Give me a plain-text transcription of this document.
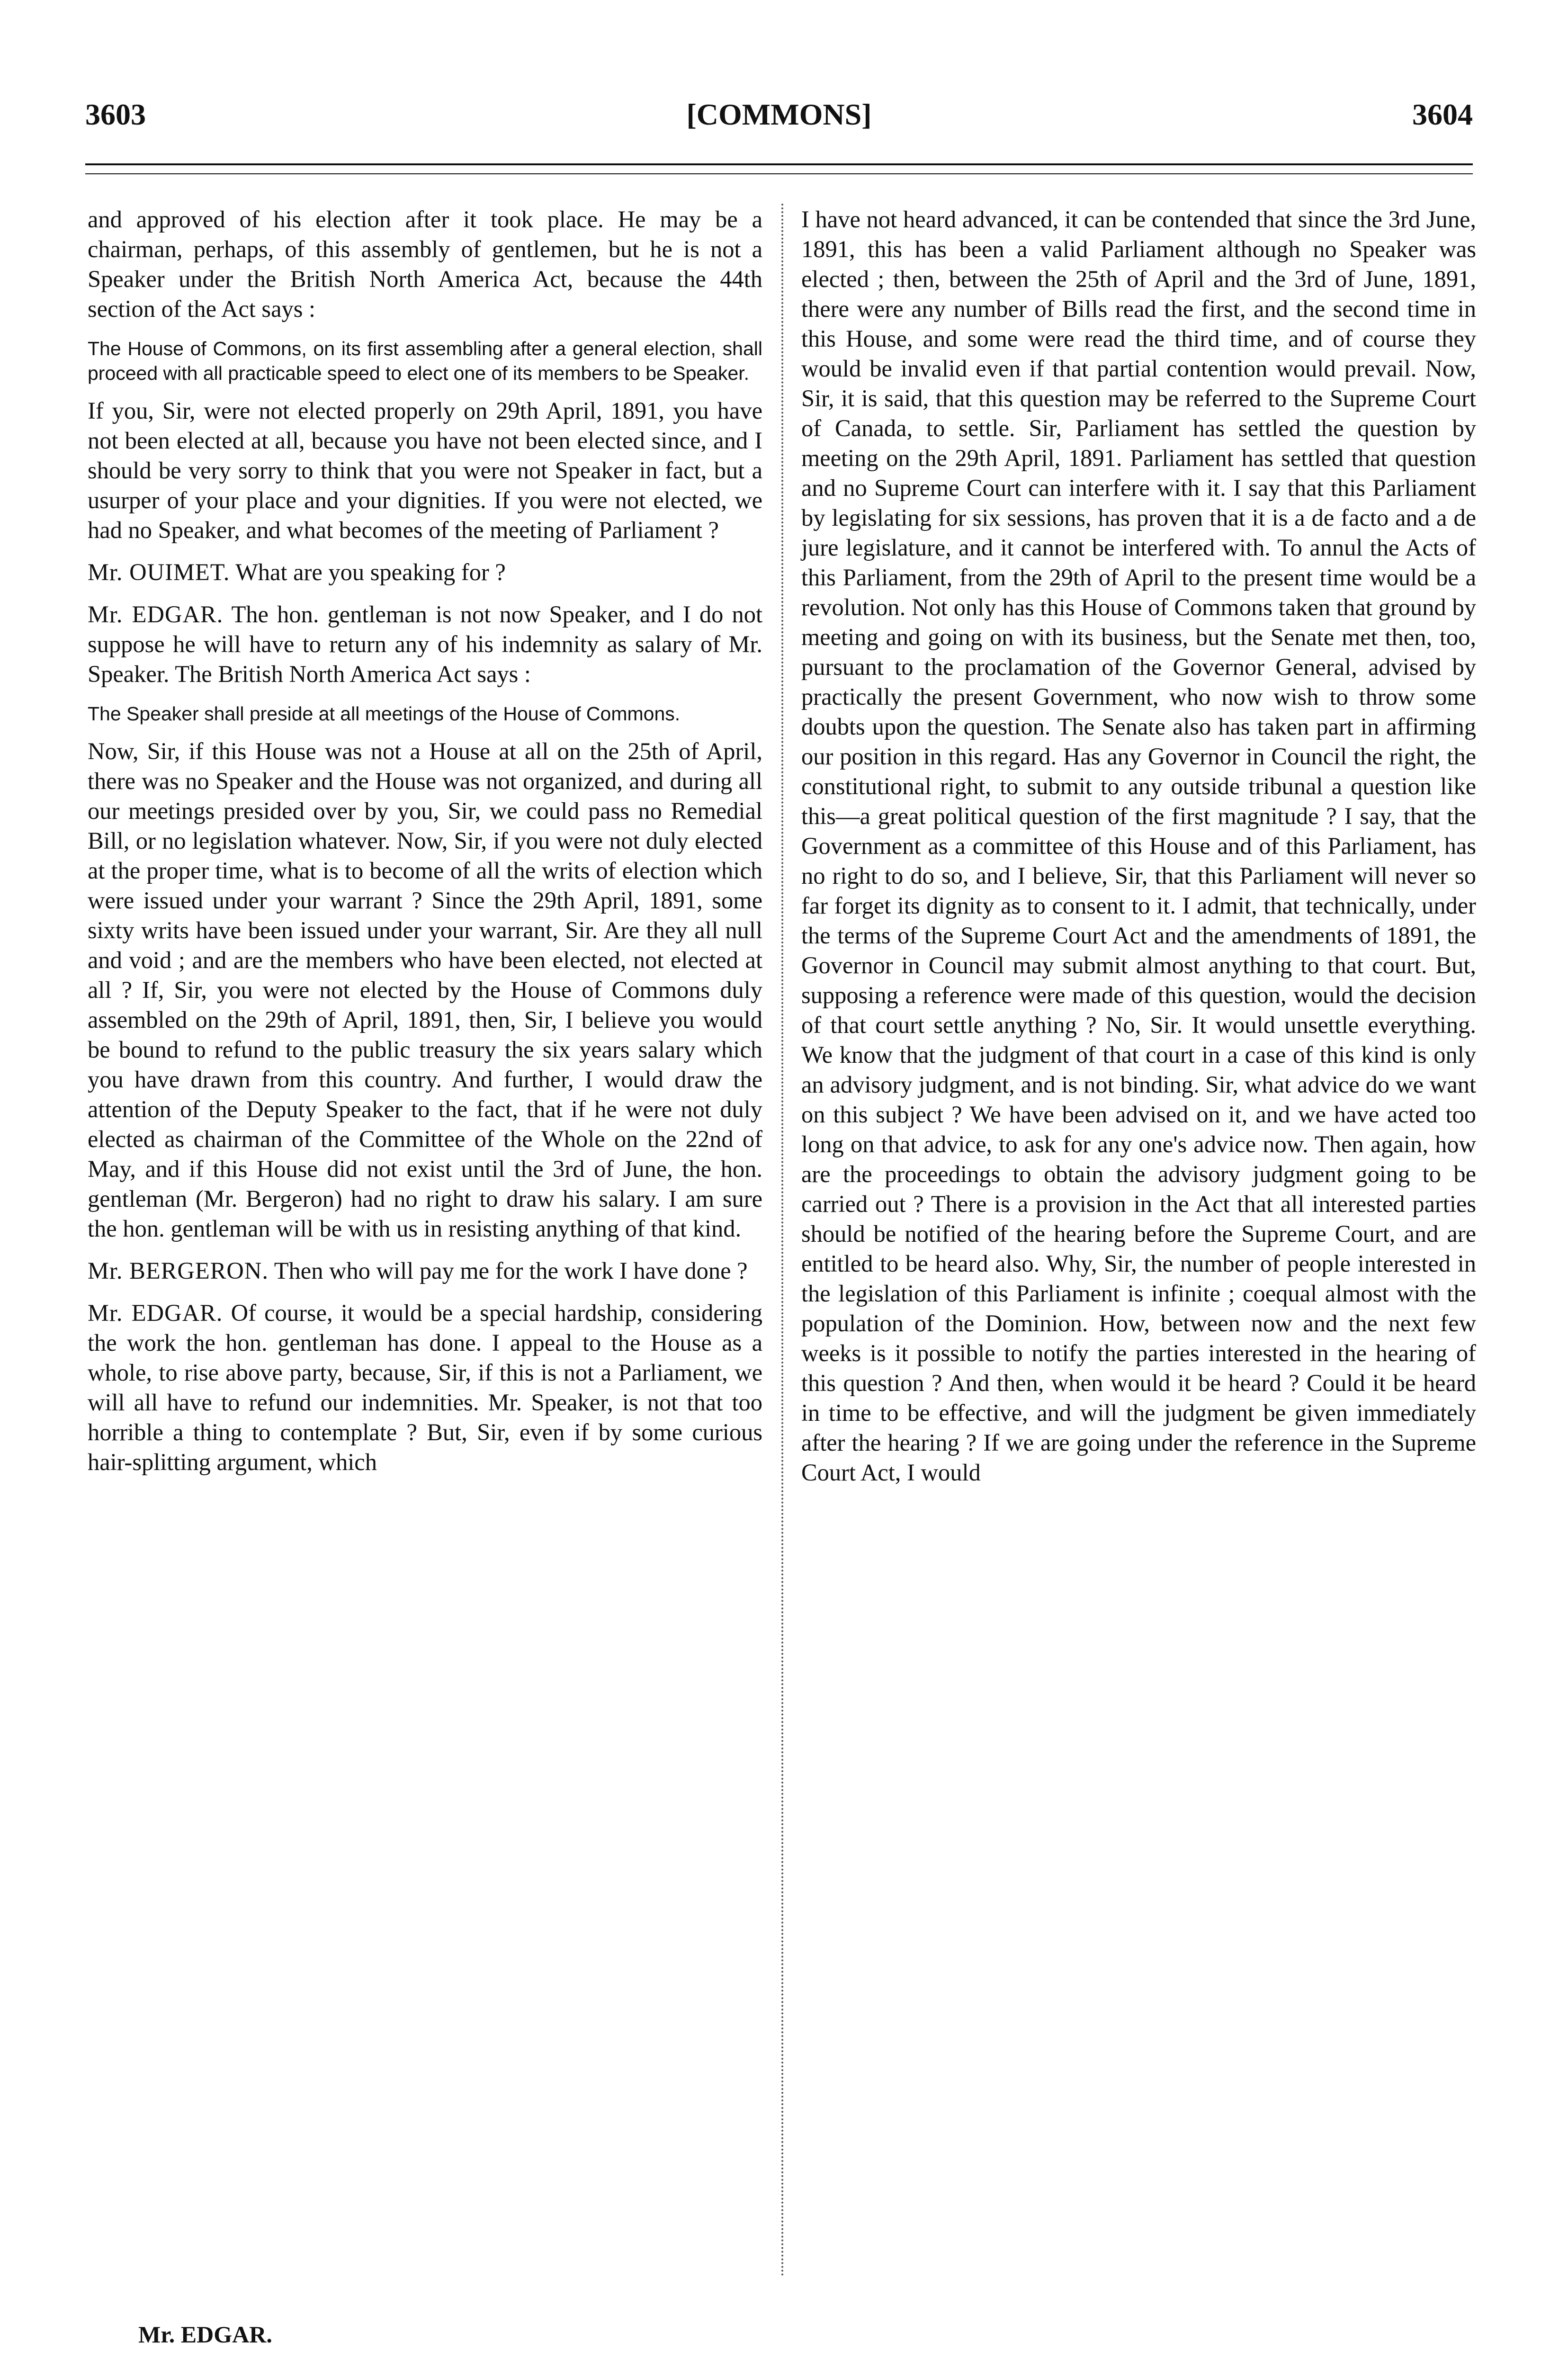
3603	[COMMONS]	3604

and approved of his election after it took place. He may be a chairman, perhaps, of this assembly of gentlemen, but he is not a Speaker under the British North America Act, because the 44th section of the Act says :

The House of Commons, on its first assembling after a general election, shall proceed with all practicable speed to elect one of its members to be Speaker.

If you, Sir, were not elected properly on 29th April, 1891, you have not been elected at all, because you have not been elected since, and I should be very sorry to think that you were not Speaker in fact, but a usurper of your place and your dignities. If you were not elected, we had no Speaker, and what becomes of the meeting of Parliament ?

Mr. OUIMET. What are you speaking for ?

Mr. EDGAR. The hon. gentleman is not now Speaker, and I do not suppose he will have to return any of his indemnity as salary of Mr. Speaker. The British North America Act says :

The Speaker shall preside at all meetings of the House of Commons.

Now, Sir, if this House was not a House at all on the 25th of April, there was no Speaker and the House was not organized, and during all our meetings presided over by you, Sir, we could pass no Remedial Bill, or no legislation whatever. Now, Sir, if you were not duly elected at the proper time, what is to become of all the writs of election which were issued under your warrant ? Since the 29th April, 1891, some sixty writs have been issued under your warrant, Sir. Are they all null and void ; and are the members who have been elected, not elected at all ? If, Sir, you were not elected by the House of Commons duly assembled on the 29th of April, 1891, then, Sir, I believe you would be bound to refund to the public treasury the six years salary which you have drawn from this country. And further, I would draw the attention of the Deputy Speaker to the fact, that if he were not duly elected as chairman of the Committee of the Whole on the 22nd of May, and if this House did not exist until the 3rd of June, the hon. gentleman (Mr. Bergeron) had no right to draw his salary. I am sure the hon. gentleman will be with us in resisting anything of that kind.

Mr. BERGERON. Then who will pay me for the work I have done ?

Mr. EDGAR. Of course, it would be a special hardship, considering the work the hon. gentleman has done. I appeal to the House as a whole, to rise above party, because, Sir, if this is not a Parliament, we will all have to refund our indemnities. Mr. Speaker, is not that too horrible a thing to contemplate ? But, Sir, even if by some curious hair-splitting argument, which

I have not heard advanced, it can be contended that since the 3rd June, 1891, this has been a valid Parliament although no Speaker was elected ; then, between the 25th of April and the 3rd of June, 1891, there were any number of Bills read the first, and the second time in this House, and some were read the third time, and of course they would be invalid even if that partial contention would prevail. Now, Sir, it is said, that this question may be referred to the Supreme Court of Canada, to settle. Sir, Parliament has settled the question by meeting on the 29th April, 1891. Parliament has settled that question and no Supreme Court can interfere with it. I say that this Parliament by legislating for six sessions, has proven that it is a de facto and a de jure legislature, and it cannot be interfered with. To annul the Acts of this Parliament, from the 29th of April to the present time would be a revolution. Not only has this House of Commons taken that ground by meeting and going on with its business, but the Senate met then, too, pursuant to the proclamation of the Governor General, advised by practically the present Government, who now wish to throw some doubts upon the question. The Senate also has taken part in affirming our position in this regard. Has any Governor in Council the right, the constitutional right, to submit to any outside tribunal a question like this—a great political question of the first magnitude ? I say, that the Government as a committee of this House and of this Parliament, has no right to do so, and I believe, Sir, that this Parliament will never so far forget its dignity as to consent to it. I admit, that technically, under the terms of the Supreme Court Act and the amendments of 1891, the Governor in Council may submit almost anything to that court. But, supposing a reference were made of this question, would the decision of that court settle anything ? No, Sir. It would unsettle everything. We know that the judgment of that court in a case of this kind is only an advisory judgment, and is not binding. Sir, what advice do we want on this subject ? We have been advised on it, and we have acted too long on that advice, to ask for any one's advice now. Then again, how are the proceedings to obtain the advisory judgment going to be carried out ? There is a provision in the Act that all interested parties should be notified of the hearing before the Supreme Court, and are entitled to be heard also. Why, Sir, the number of people interested in the legislation of this Parliament is infinite ; coequal almost with the population of the Dominion. How, between now and the next few weeks is it possible to notify the parties interested in the hearing of this question ? And then, when would it be heard ? Could it be heard in time to be effective, and will the judgment be given immediately after the hearing ? If we are going under the reference in the Supreme Court Act, I would

Mr. EDGAR.
